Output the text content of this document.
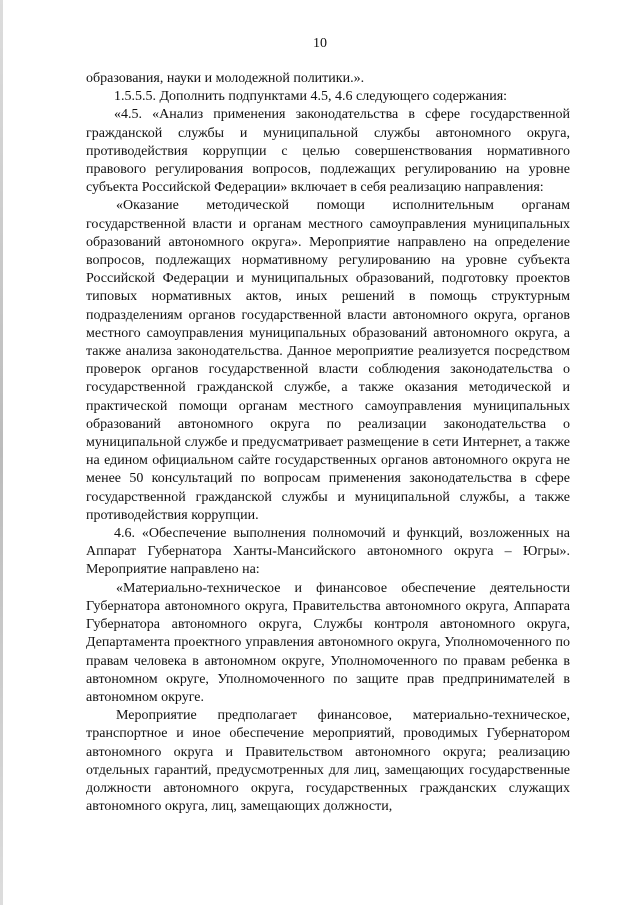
10

образования, науки и молодежной политики.».

1.5.5.5. Дополнить подпунктами 4.5, 4.6 следующего содержания:

«4.5. «Анализ применения законодательства в сфере государственной гражданской службы и муниципальной службы автономного округа, противодействия коррупции с целью совершенствования нормативного правового регулирования вопросов, подлежащих регулированию на уровне субъекта Российской Федерации» включает в себя реализацию направления:

«Оказание методической помощи исполнительным органам государственной власти и органам местного самоуправления муниципальных образований автономного округа». Мероприятие направлено на определение вопросов, подлежащих нормативному регулированию на уровне субъекта Российской Федерации и муниципальных образований, подготовку проектов типовых нормативных актов, иных решений в помощь структурным подразделениям органов государственной власти автономного округа, органов местного самоуправления муниципальных образований автономного округа, а также анализа законодательства. Данное мероприятие реализуется посредством проверок органов государственной власти соблюдения законодательства о государственной гражданской службе, а также оказания методической и практической помощи органам местного самоуправления муниципальных образований автономного округа по реализации законодательства о муниципальной службе и предусматривает размещение в сети Интернет, а также на едином официальном сайте государственных органов автономного округа не менее 50 консультаций по вопросам применения законодательства в сфере государственной гражданской службы и муниципальной службы, а также противодействия коррупции.

4.6. «Обеспечение выполнения полномочий и функций, возложенных на Аппарат Губернатора Ханты-Мансийского автономного округа – Югры». Мероприятие направлено на:

«Материально-техническое и финансовое обеспечение деятельности Губернатора автономного округа, Правительства автономного округа, Аппарата Губернатора автономного округа, Службы контроля автономного округа, Департамента проектного управления автономного округа, Уполномоченного по правам человека в автономном округе, Уполномоченного по правам ребенка в автономном округе, Уполномоченного по защите прав предпринимателей в автономном округе.

Мероприятие предполагает финансовое, материально-техническое, транспортное и иное обеспечение мероприятий, проводимых Губернатором автономного округа и Правительством автономного округа; реализацию отдельных гарантий, предусмотренных для лиц, замещающих государственные должности автономного округа, государственных гражданских служащих автономного округа, лиц, замещающих должности,
